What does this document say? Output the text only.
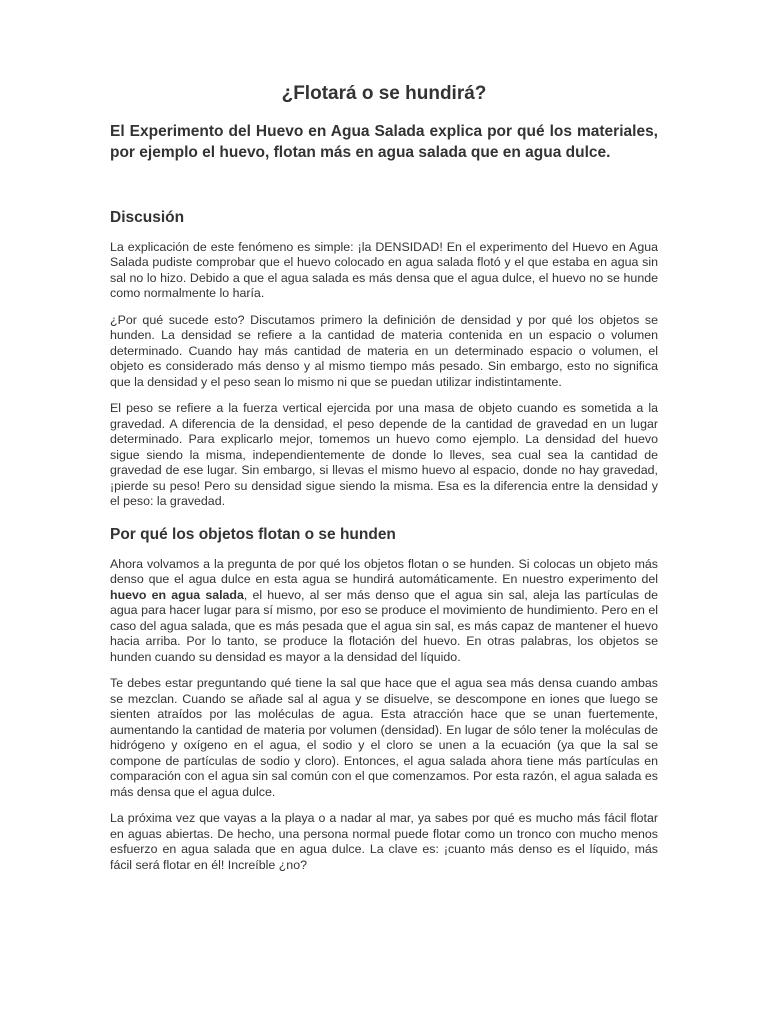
¿Flotará o se hundirá?

El Experimento del Huevo en Agua Salada explica por qué los materiales, por ejemplo el huevo, flotan más en agua salada que en agua dulce.

Discusión

La explicación de este fenómeno es simple: ¡la DENSIDAD! En el experimento del Huevo en Agua Salada pudiste comprobar que el huevo colocado en agua salada flotó y el que estaba en agua sin sal no lo hizo. Debido a que el agua salada es más densa que el agua dulce, el huevo no se hunde como normalmente lo haría.

¿Por qué sucede esto? Discutamos primero la definición de densidad y por qué los objetos se hunden. La densidad se refiere a la cantidad de materia contenida en un espacio o volumen determinado. Cuando hay más cantidad de materia en un determinado espacio o volumen, el objeto es considerado más denso y al mismo tiempo más pesado. Sin embargo, esto no significa que la densidad y el peso sean lo mismo ni que se puedan utilizar indistintamente.

El peso se refiere a la fuerza vertical ejercida por una masa de objeto cuando es sometida a la gravedad. A diferencia de la densidad, el peso depende de la cantidad de gravedad en un lugar determinado. Para explicarlo mejor, tomemos un huevo como ejemplo. La densidad del huevo sigue siendo la misma, independientemente de donde lo lleves, sea cual sea la cantidad de gravedad de ese lugar. Sin embargo, si llevas el mismo huevo al espacio, donde no hay gravedad, ¡pierde su peso! Pero su densidad sigue siendo la misma. Esa es la diferencia entre la densidad y el peso: la gravedad.

Por qué los objetos flotan o se hunden

Ahora volvamos a la pregunta de por qué los objetos flotan o se hunden. Si colocas un objeto más denso que el agua dulce en esta agua se hundirá automáticamente. En nuestro experimento del huevo en agua salada, el huevo, al ser más denso que el agua sin sal, aleja las partículas de agua para hacer lugar para sí mismo, por eso se produce el movimiento de hundimiento. Pero en el caso del agua salada, que es más pesada que el agua sin sal, es más capaz de mantener el huevo hacia arriba. Por lo tanto, se produce la flotación del huevo. En otras palabras, los objetos se hunden cuando su densidad es mayor a la densidad del líquido.

Te debes estar preguntando qué tiene la sal que hace que el agua sea más densa cuando ambas se mezclan. Cuando se añade sal al agua y se disuelve, se descompone en iones que luego se sienten atraídos por las moléculas de agua. Esta atracción hace que se unan fuertemente, aumentando la cantidad de materia por volumen (densidad). En lugar de sólo tener la moléculas de hidrógeno y oxígeno en el agua, el sodio y el cloro se unen a la ecuación (ya que la sal se compone de partículas de sodio y cloro). Entonces, el agua salada ahora tiene más partículas en comparación con el agua sin sal común con el que comenzamos. Por esta razón, el agua salada es más densa que el agua dulce.

La próxima vez que vayas a la playa o a nadar al mar, ya sabes por qué es mucho más fácil flotar en aguas abiertas. De hecho, una persona normal puede flotar como un tronco con mucho menos esfuerzo en agua salada que en agua dulce. La clave es: ¡cuanto más denso es el líquido, más fácil será flotar en él! Increíble ¿no?
